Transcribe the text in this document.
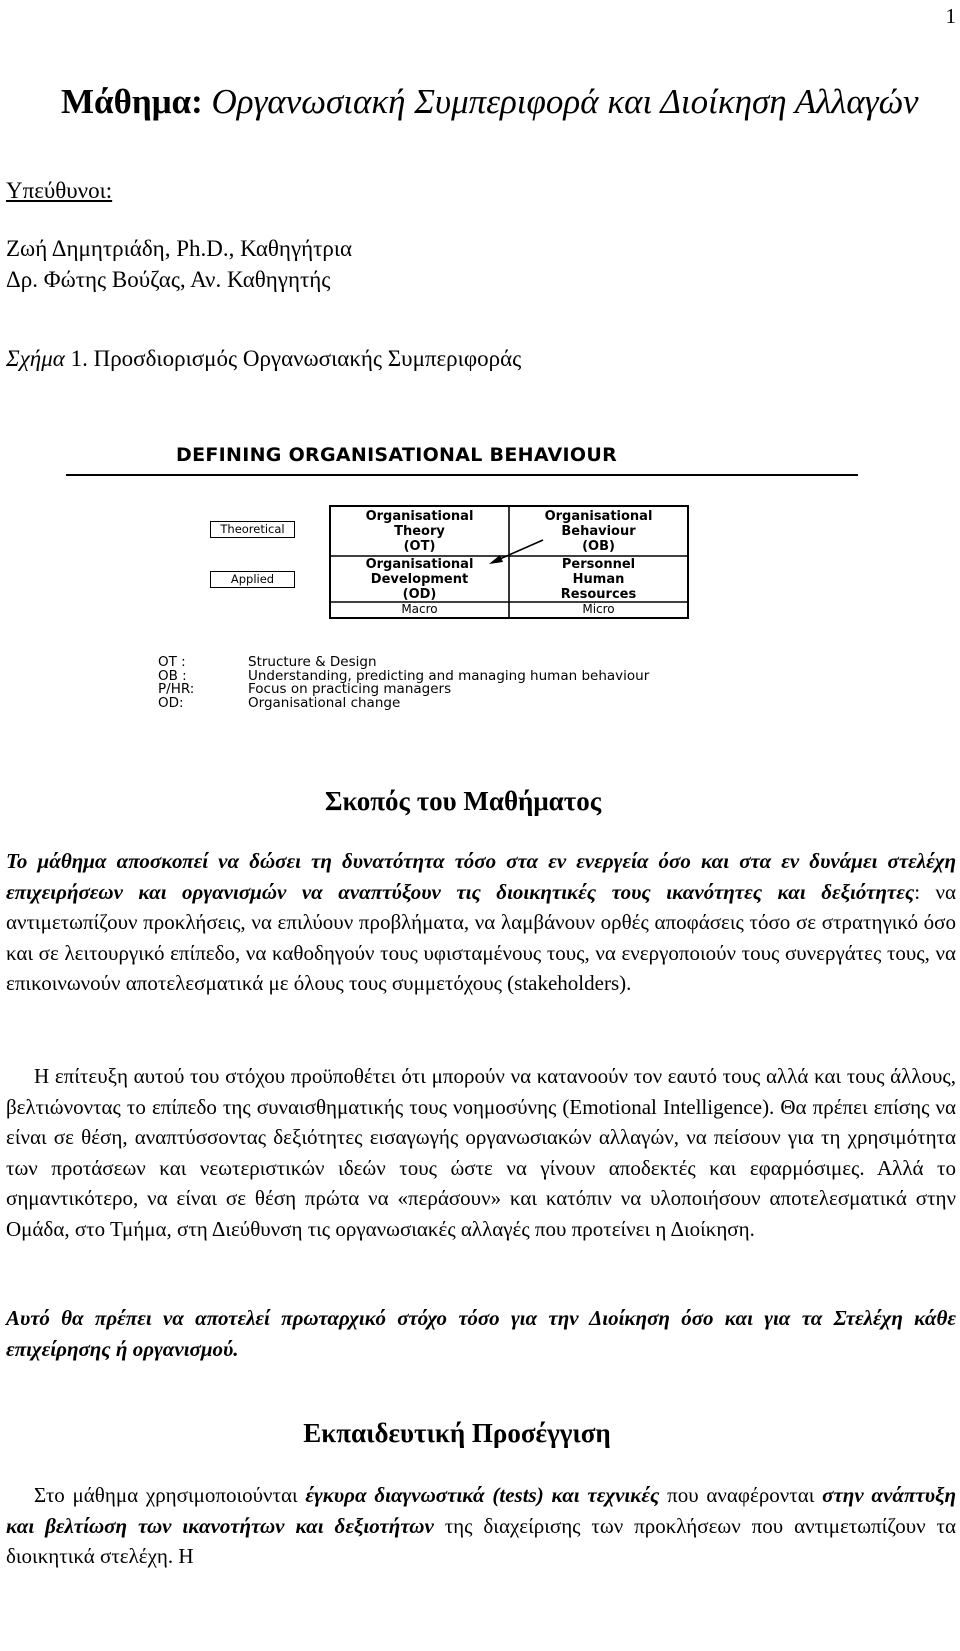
1
Μάθημα: Οργανωσιακή Συμπεριφορά και Διοίκηση Αλλαγών
Υπεύθυνοι:
Ζωή Δημητριάδη, Ph.D., Καθηγήτρια
Δρ. Φώτης Βούζας, Αν. Καθηγητής
Σχήμα 1. Προσδιορισμός Οργανωσιακής Συμπεριφοράς
DEFINING ORGANISATIONAL BEHAVIOUR
Theoretical
Applied
Organisational
Theory
(OT)
Organisational
Behaviour
(OB)
Organisational
Development
(OD)
Personnel
Human
Resources
Macro	Micro
OT :
OB :
P/HR:
OD:
Structure & Design
Understanding, predicting and managing human behaviour
Focus on practicing managers
Organisational change
Σκοπός του Μαθήματος
Το μάθημα αποσκοπεί να δώσει τη δυνατότητα τόσο στα εν ενεργεία όσο και στα εν δυνάμει στελέχη επιχειρήσεων και οργανισμών να αναπτύξουν τις διοικητικές τους ικανότητες και δεξιότητες: να αντιμετωπίζουν προκλήσεις, να επιλύουν προβλήματα, να λαμβάνουν ορθές αποφάσεις τόσο σε στρατηγικό όσο και σε λειτουργικό επίπεδο, να καθοδηγούν τους υφισταμένους τους, να ενεργοποιούν τους συνεργάτες τους, να επικοινωνούν αποτελεσματικά με όλους τους συμμετόχους (stakeholders).
Η επίτευξη αυτού του στόχου προϋποθέτει ότι μπορούν να κατανοούν τον εαυτό τους αλλά και τους άλλους, βελτιώνοντας το επίπεδο της συναισθηματικής τους νοημοσύνης (Emotional Intelligence). Θα πρέπει επίσης να είναι σε θέση, αναπτύσσοντας δεξιότητες εισαγωγής οργανωσιακών αλλαγών, να πείσουν για τη χρησιμότητα των προτάσεων και νεωτεριστικών ιδεών τους ώστε να γίνουν αποδεκτές και εφαρμόσιμες. Αλλά το σημαντικότερο, να είναι σε θέση πρώτα να «περάσουν» και κατόπιν να υλοποιήσουν αποτελεσματικά στην Ομάδα, στο Τμήμα, στη Διεύθυνση τις οργανωσιακές αλλαγές που προτείνει η Διοίκηση.
Αυτό θα πρέπει να αποτελεί πρωταρχικό στόχο τόσο για την Διοίκηση όσο και για τα Στελέχη κάθε επιχείρησης ή οργανισμού.
Εκπαιδευτική Προσέγγιση
Στο μάθημα χρησιμοποιούνται έγκυρα διαγνωστικά (tests) και τεχνικές που αναφέρονται στην ανάπτυξη και βελτίωση των ικανοτήτων και δεξιοτήτων της διαχείρισης των προκλήσεων που αντιμετωπίζουν τα διοικητικά στελέχη. Η
